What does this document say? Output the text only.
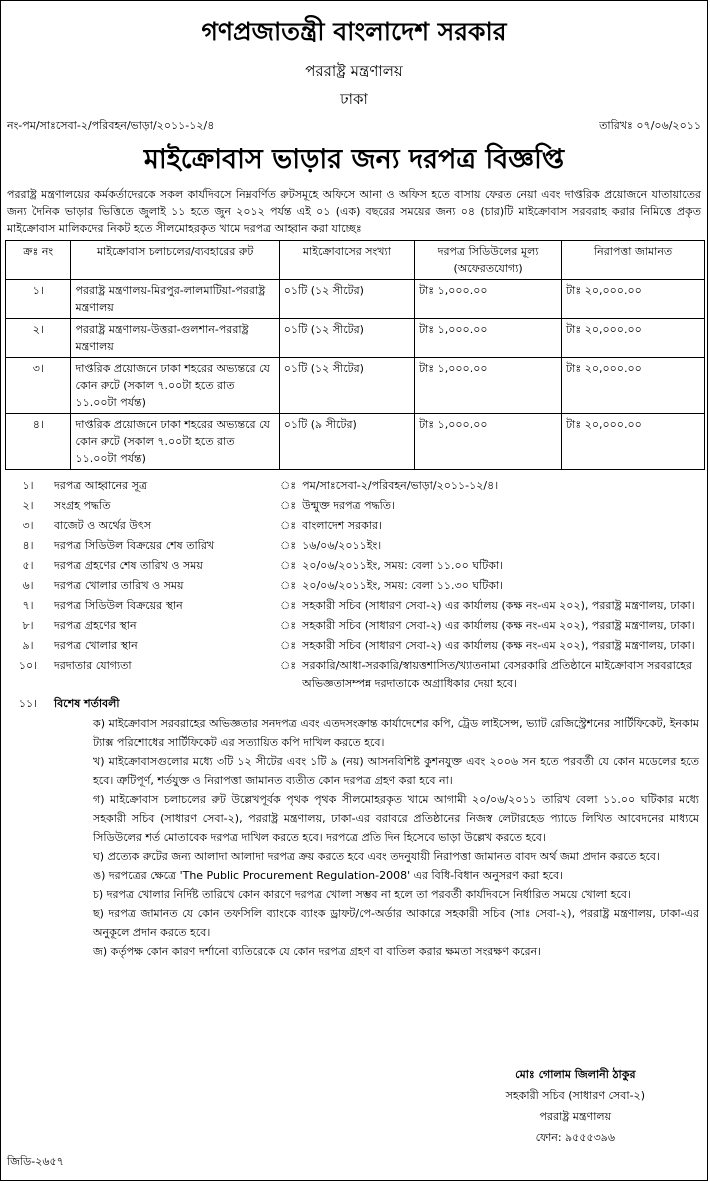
গণপ্রজাতন্ত্রী বাংলাদেশ সরকার
পররাষ্ট্র মন্ত্রণালয়
ঢাকা
নং-পম/সাঃসেবা-২/পরিবহন/ভাড়া/২০১১-১২/৪	তারিখঃ ০৭/০৬/২০১১
মাইক্রোবাস ভাড়ার জন্য দরপত্র বিজ্ঞপ্তি
পররাষ্ট্র মন্ত্রণালয়ের কর্মকর্তাদেরকে সকল কার্যদিবসে নিম্নবর্ণিত রুটসমূহে অফিসে আনা ও অফিস হতে বাসায় ফেরত নেয়া এবং দাপ্তরিক প্রয়োজনে যাতায়াতের জন্য দৈনিক ভাড়ার ভিত্তিতে জুলাই ১১ হতে জুন ২০১২ পর্যন্ত এই ০১ (এক) বছরের সময়ের জন্য ০৪ (চার)টি মাইক্রোবাস সরবরাহ করার নিমিত্তে প্রকৃত মাইক্রোবাস মালিকদের নিকট হতে সীলমোহরকৃত খামে দরপত্র আহ্বান করা যাচ্ছেঃ
ক্রঃ নং	মাইক্রোবাস চলাচলের/ব্যবহারের রুট	মাইক্রোবাসের সংখ্যা	দরপত্র সিডিউলের মূল্য (অফেরতযোগ্য)	নিরাপত্তা জামানত
১।	পররাষ্ট্র মন্ত্রণালয়-মিরপুর-লালমাটিয়া-পররাষ্ট্র মন্ত্রণালয়	০১টি (১২ সীটের)	টাঃ ১,০০০.০০	টাঃ ২০,০০০.০০
২।	পররাষ্ট্র মন্ত্রণালয়-উত্তরা-গুলশান-পররাষ্ট্র মন্ত্রণালয়	০১টি (১২ সীটের)	টাঃ ১,০০০.০০	টাঃ ২০,০০০.০০
৩।	দাপ্তরিক প্রয়োজনে ঢাকা শহরের অভ্যন্তরে যে কোন রুটে (সকাল ৭.০০টা হতে রাত ১১.০০টা পর্যন্ত)	০১টি (১২ সীটের)	টাঃ ১,০০০.০০	টাঃ ২০,০০০.০০
৪।	দাপ্তরিক প্রয়োজনে ঢাকা শহরের অভ্যন্তরে যে কোন রুটে (সকাল ৭.০০টা হতে রাত ১১.০০টা পর্যন্ত)	০১টি (৯ সীটের)	টাঃ ১,০০০.০০	টাঃ ২০,০০০.০০
১।	দরপত্র আহ্বানের সূত্র	ঃ	পম/সাঃসেবা-২/পরিবহন/ভাড়া/২০১১-১২/৪।
২।	সংগ্রহ পদ্ধতি	ঃ	উন্মুক্ত দরপত্র পদ্ধতি।
৩।	বাজেট ও অর্থের উৎস	ঃ	বাংলাদেশ সরকার।
৪।	দরপত্র সিডিউল বিক্রয়ের শেষ তারিখ	ঃ	১৬/০৬/২০১১ইং।
৫।	দরপত্র গ্রহণের শেষ তারিখ ও সময়	ঃ	২০/০৬/২০১১ইং, সময়: বেলা ১১.০০ ঘটিকা।
৬।	দরপত্র খোলার তারিখ ও সময়	ঃ	২০/০৬/২০১১ইং, সময়: বেলা ১১.৩০ ঘটিকা।
৭।	দরপত্র সিডিউল বিক্রয়ের স্থান	ঃ	সহকারী সচিব (সাধারণ সেবা-২) এর কার্যালয় (কক্ষ নং-এম ২০২), পররাষ্ট্র মন্ত্রণালয়, ঢাকা।
৮।	দরপত্র গ্রহণের স্থান	ঃ	সহকারী সচিব (সাধারণ সেবা-২) এর কার্যালয় (কক্ষ নং-এম ২০২), পররাষ্ট্র মন্ত্রণালয়, ঢাকা।
৯।	দরপত্র খোলার স্থান	ঃ	সহকারী সচিব (সাধারণ সেবা-২) এর কার্যালয় (কক্ষ নং-এম ২০২), পররাষ্ট্র মন্ত্রণালয়, ঢাকা।
১০।	দরদাতার যোগ্যতা	ঃ	সরকারি/আধা-সরকারি/স্বায়ত্তশাসিত/খ্যাতনামা বেসরকারি প্রতিষ্ঠানে মাইক্রোবাস সরবরাহের অভিজ্ঞতাসম্পন্ন দরদাতাকে অগ্রাধিকার দেয়া হবে।
১১।	বিশেষ শর্তাবলী		

ক) মাইক্রোবাস সরবরাহের অভিজ্ঞতার সনদপত্র এবং এতদসংক্রান্ত কার্যাদেশের কপি, ট্রেড লাইসেন্স, ভ্যাট রেজিস্ট্রেশনের সার্টিফিকেট, ইনকাম ট্যাক্স পরিশোধের সার্টিফিকেট এর সত্যায়িত কপি দাখিল করতে হবে।

খ) মাইক্রোবাসগুলোর মধ্যে ৩টি ১২ সীটের এবং ১টি ৯ (নয়) আসনবিশিষ্ট কুশনযুক্ত এবং ২০০৬ সন হতে পরবর্তী যে কোন মডেলের হতে হবে। ত্রুটিপূর্ণ, শর্তযুক্ত ও নিরাপত্তা জামানত ব্যতীত কোন দরপত্র গ্রহণ করা হবে না।

গ) মাইক্রোবাস চলাচলের রুট উল্লেখপূর্বক পৃথক পৃথক সীলমোহরকৃত খামে আগামী ২০/০৬/২০১১ তারিখ বেলা ১১.০০ ঘটিকার মধ্যে সহকারী সচিব (সাধারণ সেবা-২), পররাষ্ট্র মন্ত্রণালয়, ঢাকা-এর বরাবরে প্রতিষ্ঠানের নিজস্ব লেটারহেড প্যাডে লিখিত আবেদনের মাধ্যমে সিডিউলের শর্ত মোতাবেক দরপত্র দাখিল করতে হবে। দরপত্রে প্রতি দিন হিসেবে ভাড়া উল্লেখ করতে হবে।

ঘ) প্রত্যেক রুটের জন্য আলাদা আলাদা দরপত্র ক্রয় করতে হবে এবং তদনুযায়ী নিরাপত্তা জামানত বাবদ অর্থ জমা প্রদান করতে হবে।

ঙ) দরপত্রের ক্ষেত্রে 'The Public Procurement Regulation-2008' এর বিধি-বিধান অনুসরণ করা হবে।

চ) দরপত্র খোলার নির্দিষ্ট তারিখে কোন কারণে দরপত্র খোলা সম্ভব না হলে তা পরবর্তী কার্যদিবসে নির্ধারিত সময়ে খোলা হবে।

ছ) দরপত্র জামানত যে কোন তফসিলি ব্যাংকে ব্যাংক ড্রাফট/পে-অর্ডার আকারে সহকারী সচিব (সাঃ সেবা-২), পররাষ্ট্র মন্ত্রণালয়, ঢাকা-এর অনুকূলে প্রদান করতে হবে।

জ) কর্তৃপক্ষ কোন কারণ দর্শানো ব্যতিরেকে যে কোন দরপত্র গ্রহণ বা বাতিল করার ক্ষমতা সংরক্ষণ করেন।

মোঃ গোলাম জিলানী ঠাকুর
সহকারী সচিব (সাধারণ সেবা-২)
পররাষ্ট্র মন্ত্রণালয়
ফোন: ৯৫৫৫৩৯৬
জিডি-২৬৫৭
